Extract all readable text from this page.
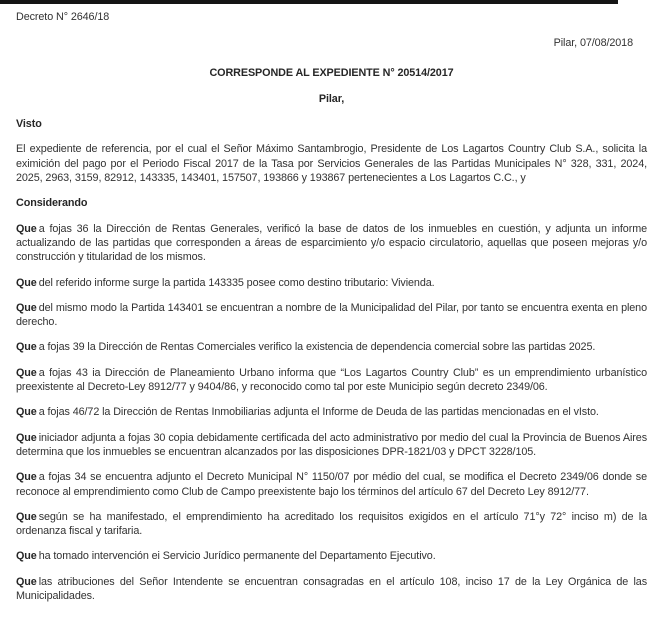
Decreto N° 2646/18
Pilar, 07/08/2018
CORRESPONDE AL EXPEDIENTE N° 20514/2017
Pilar,
Visto

El expediente de referencia, por el cual el Señor Máximo Santambrogio, Presidente de Los Lagartos Country Club S.A., solicita la eximición del pago por el Periodo Fiscal 2017 de la Tasa por Servicios Generales de las Partidas Municipales N° 328, 331, 2024, 2025, 2963, 3159, 82912, 143335, 143401, 157507, 193866 y 193867 pertenecientes a Los Lagartos C.C., y

Considerando

Que a fojas 36 la Dirección de Rentas Generales, verificó la base de datos de los inmuebles en cuestión, y adjunta un informe actualizando de las partidas que corresponden a áreas de esparcimiento y/o espacio circulatorio, aquellas que poseen mejoras y/o construcción y titularidad de los mismos.

Que del referido informe surge la partida 143335 posee como destino tributario: Vivienda.

Que del mismo modo la Partida 143401 se encuentran a nombre de la Municipalidad del Pilar, por tanto se encuentra exenta en pleno derecho.

Que a fojas 39 la Dirección de Rentas Comerciales verifico la existencia de dependencia comercial sobre las partidas 2025.

Que a fojas 43 ia Dirección de Planeamiento Urbano informa que “Los Lagartos Country Club” es un emprendimiento urbanístico preexistente al Decreto-Ley 8912/77 y 9404/86, y reconocido como tal por este Municipio según decreto 2349/06.

Que a fojas 46/72 la Dirección de Rentas Inmobiliarias adjunta el Informe de Deuda de las partidas mencionadas en el vIsto.

Que iniciador adjunta a fojas 30 copia debidamente certificada del acto administrativo por medio del cual la Provincia de Buenos Aires determina que los inmuebles se encuentran alcanzados por las disposiciones DPR-1821/03 y DPCT 3228/105.

Que a fojas 34 se encuentra adjunto el Decreto Municipal N° 1150/07 por médio del cual, se modifica el Decreto 2349/06 donde se reconoce al emprendimiento como Club de Campo preexistente bajo los términos del artículo 67 del Decreto Ley 8912/77.

Que según se ha manifestado, el emprendimiento ha acreditado los requisitos exigidos en el artículo 71°y 72° inciso m) de la ordenanza fiscal y tarifaria.

Que ha tomado intervención ei Servicio Jurídico permanente del Departamento Ejecutivo.

Que las atribuciones del Señor Intendente se encuentran consagradas en el artículo 108, inciso 17 de la Ley Orgánica de las Municipalidades.
